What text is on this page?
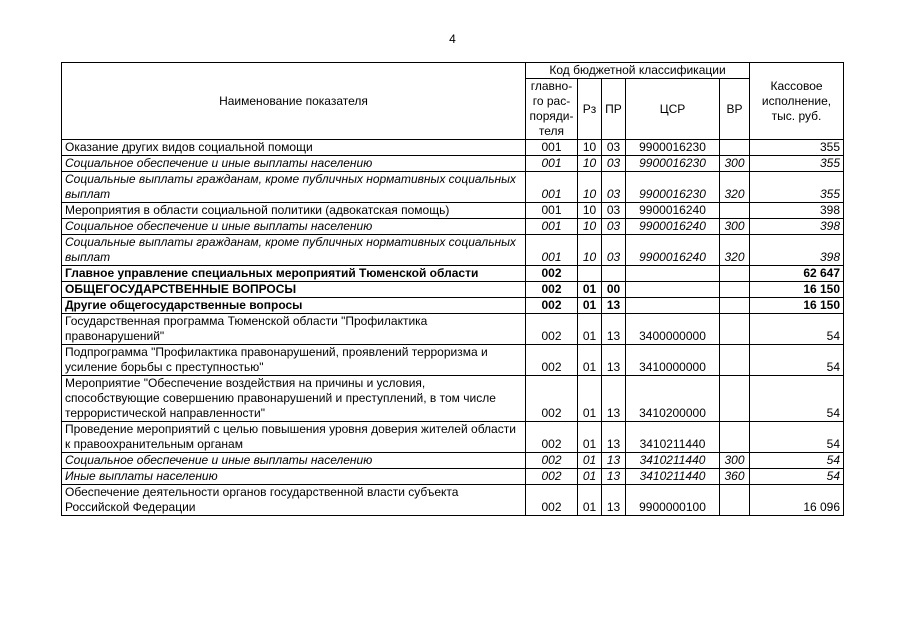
4
Наименование показателя	Код бюджетной классификации					Кассовое исполнение, тыс. руб.
	главно-го рас-поряди-теля	Рз	ПР	ЦСР	ВР	
Оказание других видов социальной помощи	001	10	03	9900016230		355
Социальное обеспечение и иные выплаты населению	001	10	03	9900016230	300	355
Социальные выплаты гражданам, кроме публичных нормативных социальных выплат	001	10	03	9900016230	320	355
Мероприятия в области социальной политики (адвокатская помощь)	001	10	03	9900016240		398
Социальное обеспечение и иные выплаты населению	001	10	03	9900016240	300	398
Социальные выплаты гражданам, кроме публичных нормативных социальных выплат	001	10	03	9900016240	320	398
Главное управление специальных мероприятий Тюменской области	002					62 647
ОБЩЕГОСУДАРСТВЕННЫЕ ВОПРОСЫ	002	01	00			16 150
Другие общегосударственные вопросы	002	01	13			16 150
Государственная программа Тюменской области "Профилактика правонарушений"	002	01	13	3400000000		54
Подпрограмма "Профилактика правонарушений, проявлений терроризма и усиление борьбы с преступностью"	002	01	13	3410000000		54
Мероприятие "Обеспечение воздействия на причины и условия, способствующие совершению правонарушений и преступлений, в том числе террористической направленности"	002	01	13	3410200000		54
Проведение мероприятий с целью повышения уровня доверия жителей области к правоохранительным органам	002	01	13	3410211440		54
Социальное обеспечение и иные выплаты населению	002	01	13	3410211440	300	54
Иные выплаты населению	002	01	13	3410211440	360	54
Обеспечение деятельности органов государственной власти субъекта Российской Федерации	002	01	13	9900000100		16 096
